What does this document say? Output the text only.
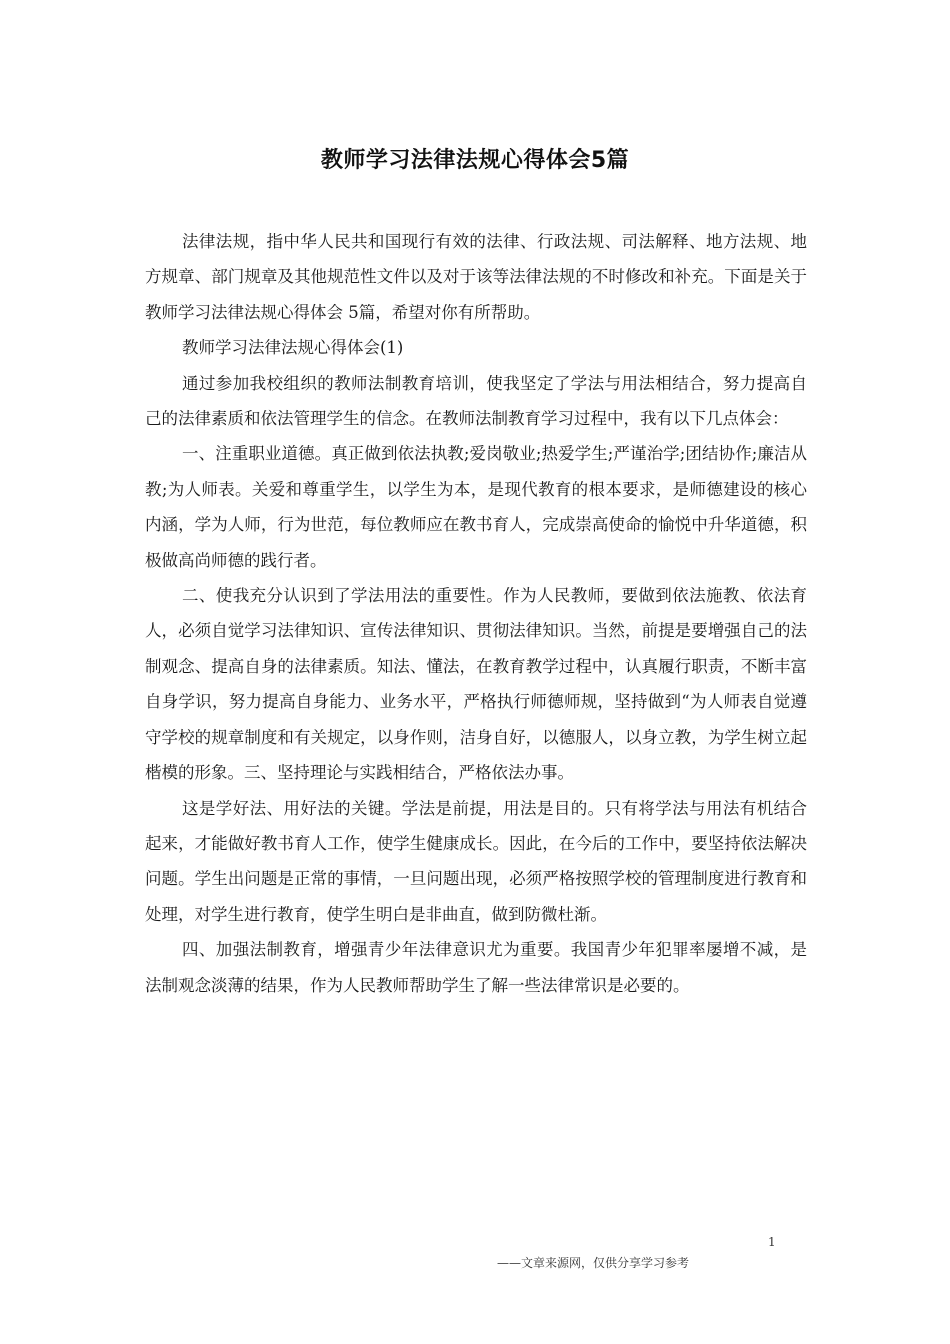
教师学习法律法规心得体会5篇

法律法规，指中华人民共和国现行有效的法律、行政法规、司法解释、地方法规、地方规章、部门规章及其他规范性文件以及对于该等法律法规的不时修改和补充。下面是关于教师学习法律法规心得体会 5篇，希望对你有所帮助。

教师学习法律法规心得体会(1)

通过参加我校组织的教师法制教育培训，使我坚定了学法与用法相结合，努力提高自己的法律素质和依法管理学生的信念。在教师法制教育学习过程中，我有以下几点体会：

一、注重职业道德。真正做到依法执教;爱岗敬业;热爱学生;严谨治学;团结协作;廉洁从教;为人师表。关爱和尊重学生，以学生为本，是现代教育的根本要求，是师德建设的核心内涵，学为人师，行为世范，每位教师应在教书育人，完成崇高使命的愉悦中升华道德，积极做高尚师德的践行者。

二、使我充分认识到了学法用法的重要性。作为人民教师，要做到依法施教、依法育人，必须自觉学习法律知识、宣传法律知识、贯彻法律知识。当然，前提是要增强自己的法制观念、提高自身的法律素质。知法、懂法，在教育教学过程中，认真履行职责，不断丰富自身学识，努力提高自身能力、业务水平，严格执行师德师规，坚持做到“为人师表自觉遵守学校的规章制度和有关规定，以身作则，洁身自好，以德服人，以身立教，为学生树立起楷模的形象。三、坚持理论与实践相结合，严格依法办事。

这是学好法、用好法的关键。学法是前提，用法是目的。只有将学法与用法有机结合起来，才能做好教书育人工作，使学生健康成长。因此，在今后的工作中，要坚持依法解决问题。学生出问题是正常的事情，一旦问题出现，必须严格按照学校的管理制度进行教育和处理，对学生进行教育，使学生明白是非曲直，做到防微杜渐。

四、加强法制教育，增强青少年法律意识尤为重要。我国青少年犯罪率屡增不减，是法制观念淡薄的结果，作为人民教师帮助学生了解一些法律常识是必要的。

1
——文章来源网，仅供分享学习参考
